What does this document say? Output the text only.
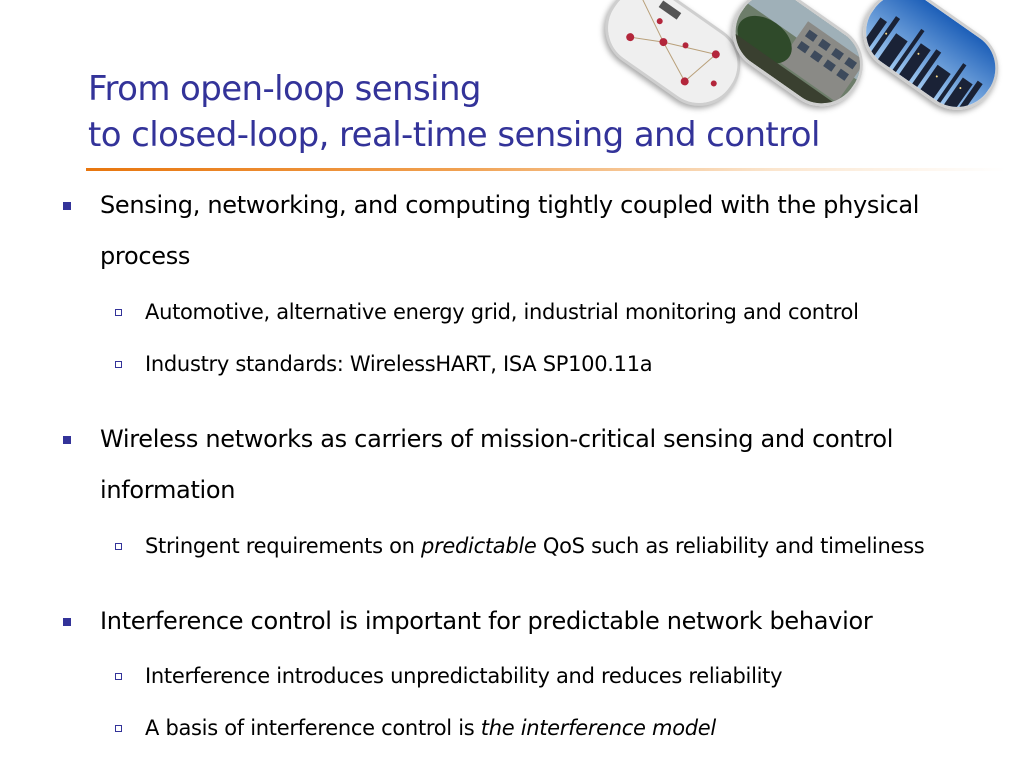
From open-loop sensing
to closed-loop, real-time sensing and control
Sensing, networking, and computing tightly coupled with the physical process
Automotive, alternative energy grid, industrial monitoring and control
Industry standards: WirelessHART, ISA SP100.11a
Wireless networks as carriers of mission-critical sensing and control information
Stringent requirements on predictable QoS such as reliability and timeliness
Interference control is important for predictable network behavior
Interference introduces unpredictability and reduces reliability
A basis of interference control is the interference model
